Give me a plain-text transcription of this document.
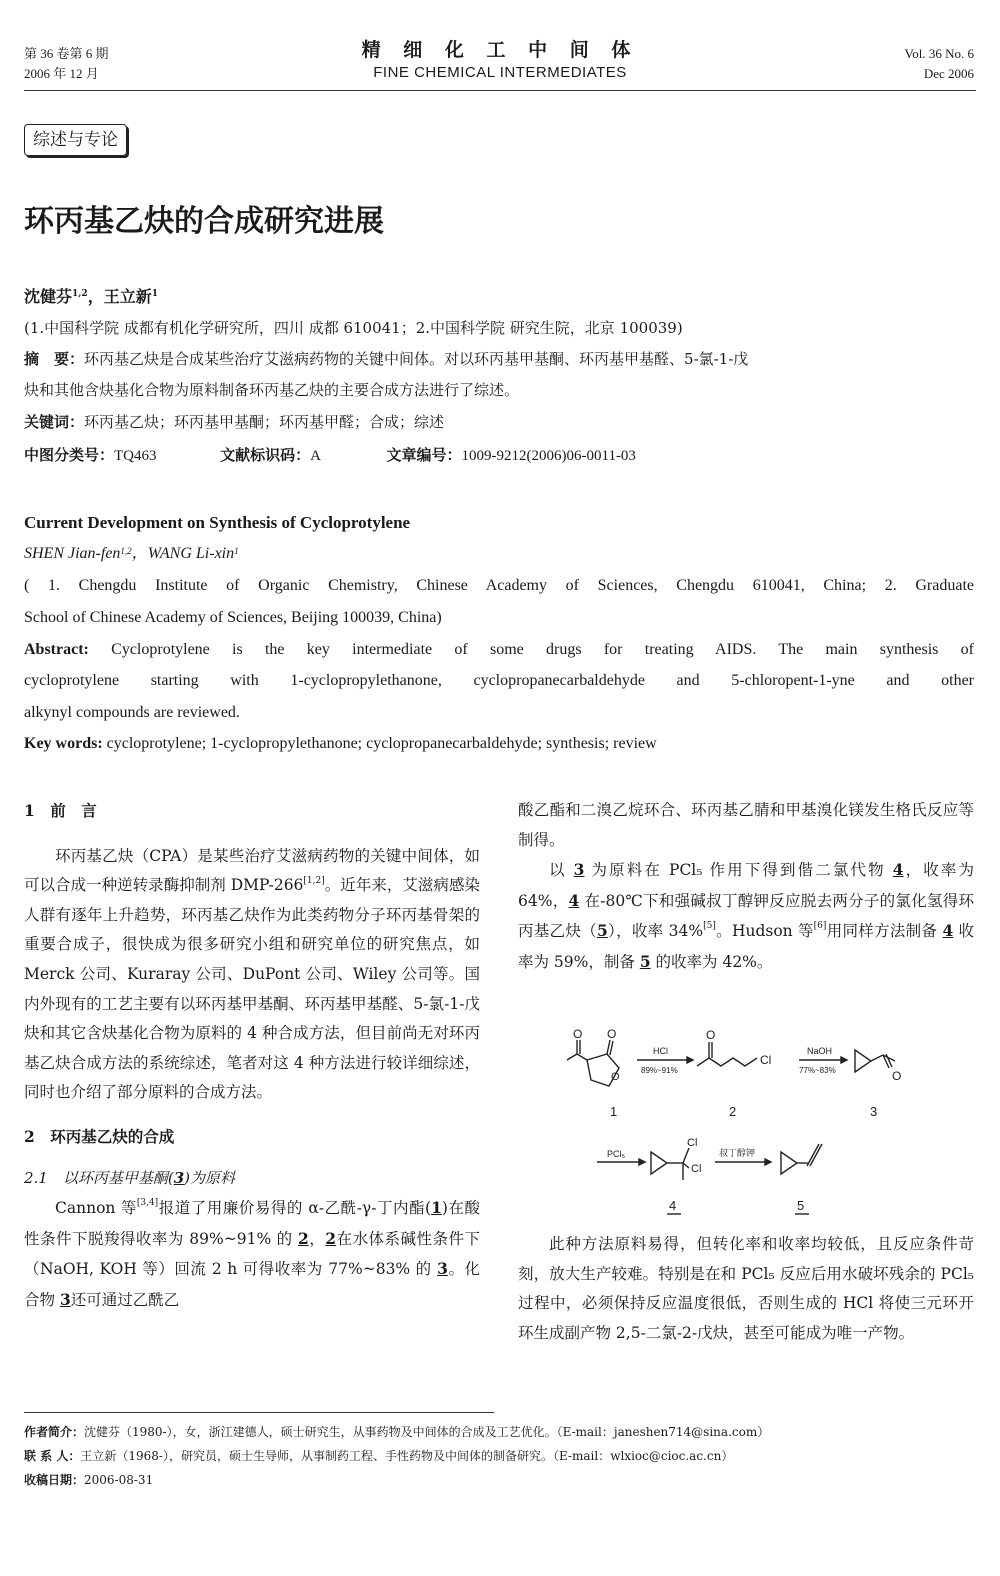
第 36 卷第 6 期
2006 年 12 月
精 细 化 工 中 间 体
FINE CHEMICAL INTERMEDIATES
Vol. 36 No. 6
Dec 2006
综述与专论
环丙基乙炔的合成研究进展
沈健芬$^{1,2}$，王立新$^1$
(1.中国科学院 成都有机化学研究所，四川 成都 610041；2.中国科学院 研究生院，北京 100039)
摘　要：环丙基乙炔是合成某些治疗艾滋病药物的关键中间体。对以环丙基甲基酮、环丙基甲基醛、5-氯-1-戊
炔和其他含炔基化合物为原料制备环丙基乙炔的主要合成方法进行了综述。
关键词：环丙基乙炔；环丙基甲基酮；环丙基甲醛；合成；综述
中图分类号：TQ463	文献标识码：A	文章编号：1009-9212(2006)06-0011-03
Current Development on Synthesis of Cycloprotylene
SHEN Jian-fen$^{1,2}$，WANG Li-xin$^1$
( 1. Chengdu Institute of Organic Chemistry, Chinese Academy of Sciences, Chengdu 610041, China; 2. Graduate
School of Chinese Academy of Sciences, Beijing 100039, China)
Abstract: Cycloprotylene is the key intermediate of some drugs for treating AIDS. The main synthesis of
cycloprotylene starting with 1-cyclopropylethanone, cyclopropanecarbaldehyde and 5-chloropent-1-yne and other
alkynyl compounds are reviewed.
Key words: cycloprotylene; 1-cyclopropylethanone; cyclopropanecarbaldehyde; synthesis; review
1　前　言

环丙基乙炔（CPA）是某些治疗艾滋病药物的关键中间体，如可以合成一种逆转录酶抑制剂 DMP-266[1,2]。近年来，艾滋病感染人群有逐年上升趋势，环丙基乙炔作为此类药物分子环丙基骨架的重要合成子，很快成为很多研究小组和研究单位的研究焦点，如 Merck 公司、Kuraray 公司、DuPont 公司、Wiley 公司等。国内外现有的工艺主要有以环丙基甲基酮、环丙基甲基醛、5-氯-1-戊炔和其它含炔基化合物为原料的 4 种合成方法，但目前尚无对环丙基乙炔合成方法的系统综述，笔者对这 4 种方法进行较详细综述，同时也介绍了部分原料的合成方法。

2　环丙基乙炔的合成
2.1　以环丙基甲基酮(3)为原料

Cannon 等[3,4]报道了用廉价易得的 α-乙酰-γ-丁内酯(1)在酸性条件下脱羧得收率为 89%~91% 的 2，2在水体系碱性条件下（NaOH, KOH 等）回流 2 h 可得收率为 77%~83% 的 3。化合物 3还可通过乙酰乙

酸乙酯和二溴乙烷环合、环丙基乙腈和甲基溴化镁发生格氏反应等制得。

以 3 为原料在 PCl₅ 作用下得到偕二氯代物 4，收率为 64%，4 在-80℃下和强碱叔丁醇钾反应脱去两分子的氯化氢得环丙基乙炔（5），收率 34%[5]。Hudson 等[6]用同样方法制备 4 收率为 59%，制备 5 的收率为 42%。

O O
O
HCl
89%~91%
O
Cl
NaOH
77%~83%	O
1	2	3
PCl₅
Cl
Cl
叔丁醇钾
4	5

此种方法原料易得，但转化率和收率均较低，且反应条件苛刻，放大生产较难。特别是在和 PCl₅ 反应后用水破坏残余的 PCl₅ 过程中，必须保持反应温度很低，否则生成的 HCl 将使三元环开环生成副产物 2,5-二氯-2-戊炔，甚至可能成为唯一产物。

作者简介：沈健芬（1980-），女，浙江建德人，硕士研究生，从事药物及中间体的合成及工艺优化。（E-mail：janeshen714@sina.com）
联 系 人：王立新（1968-），研究员，硕士生导师，从事制药工程、手性药物及中间体的制备研究。（E-mail：wlxioc@cioc.ac.cn）
收稿日期：2006-08-31
